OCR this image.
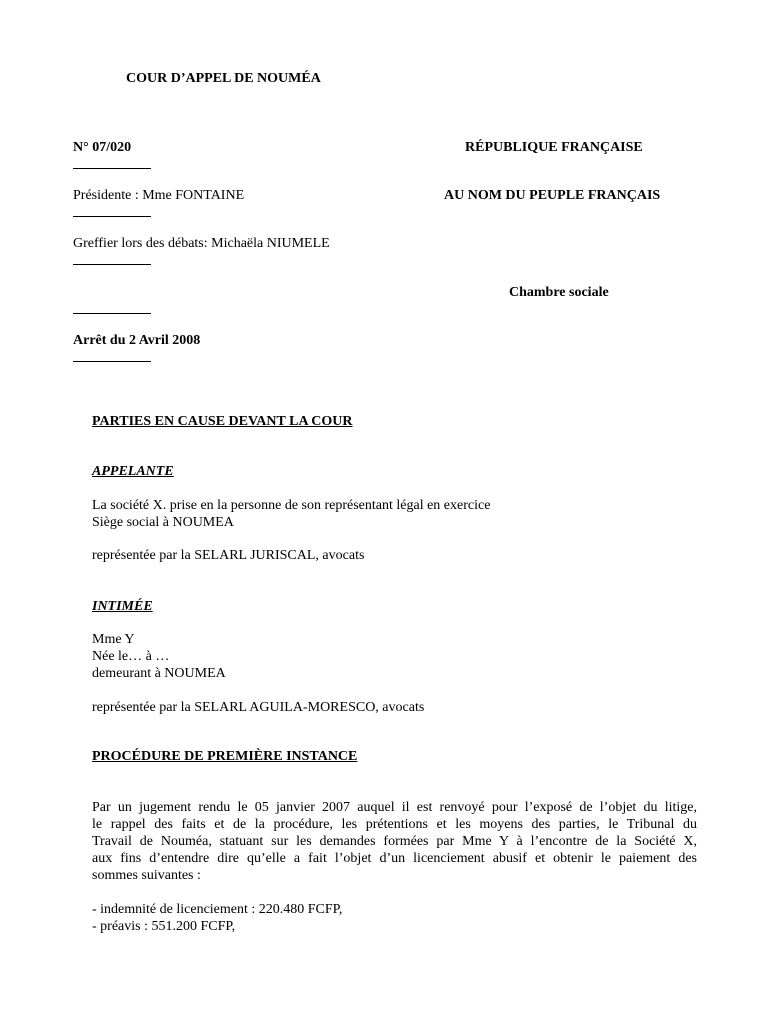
COUR D’APPEL DE NOUMÉA
N° 07/020	RÉPUBLIQUE FRANÇAISE
Présidente : Mme FONTAINE	AU NOM DU PEUPLE FRANÇAIS
Greffier lors des débats: Michaëla NIUMELE
Chambre sociale
Arrêt du 2 Avril 2008
PARTIES EN CAUSE DEVANT LA COUR
APPELANTE
La société X. prise en la personne de son représentant légal en exercice
Siège social à NOUMEA
représentée par la SELARL JURISCAL, avocats
INTIMÉE
Mme Y
Née le… à …
demeurant à NOUMEA
représentée par la SELARL AGUILA-MORESCO, avocats
PROCÉDURE DE PREMIÈRE INSTANCE
Par un jugement rendu le 05 janvier 2007 auquel il est renvoyé pour l’exposé de l’objet du litige,
le rappel des faits et de la procédure, les prétentions et les moyens des parties, le Tribunal du
Travail de Nouméa, statuant sur les demandes formées par Mme Y à l’encontre de la Société X,
aux fins d’entendre dire qu’elle a fait l’objet d’un licenciement abusif et obtenir le paiement des
sommes suivantes :
- indemnité de licenciement : 220.480 FCFP,
- préavis : 551.200 FCFP,
